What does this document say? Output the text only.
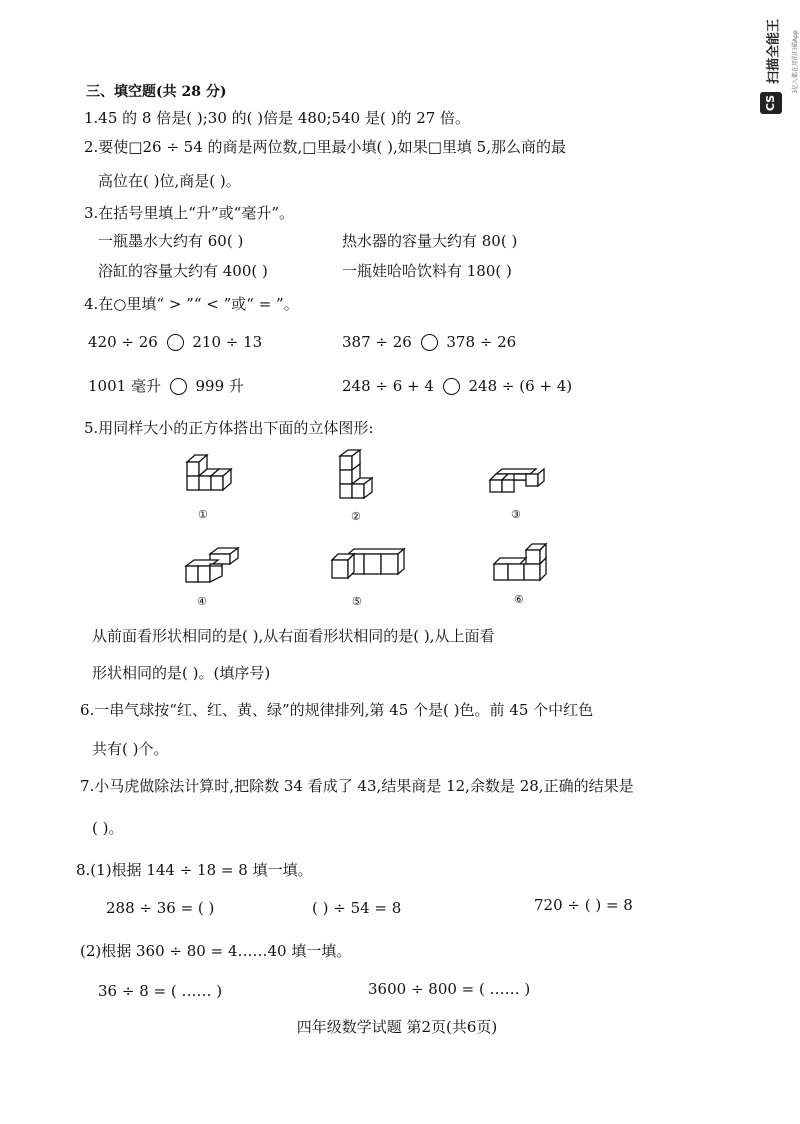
扫描全能王
CS
3亿人都在用的扫描App
三、填空题(共 28 分)
1.45 的 8 倍是( );30 的( )倍是 480;540 是( )的 27 倍。
2.要使□26 ÷ 54 的商是两位数,□里最小填( ),如果□里填 5,那么商的最
高位在( )位,商是( )。
3.在括号里填上“升”或“毫升”。
一瓶墨水大约有 60( )	热水器的容量大约有 80( )
浴缸的容量大约有 400( )	一瓶娃哈哈饮料有 180( )
4.在○里填“ > ”“ < ”或“ = ”。
420 ÷ 26 210 ÷ 13	387 ÷ 26 378 ÷ 26
1001 毫升 999 升	248 ÷ 6 + 4 248 ÷ (6 + 4)
5.用同样大小的正方体搭出下面的立体图形:
①	②	③
④	⑤	⑥
从前面看形状相同的是( ),从右面看形状相同的是( ),从上面看
形状相同的是( )。(填序号)
6.一串气球按“红、红、黄、绿”的规律排列,第 45 个是( )色。前 45 个中红色
共有( )个。
7.小马虎做除法计算时,把除数 34 看成了 43,结果商是 12,余数是 28,正确的结果是
( )。
8.(1)根据 144 ÷ 18 = 8 填一填。
288 ÷ 36 = ( )	( ) ÷ 54 = 8	720 ÷ ( ) = 8
(2)根据 360 ÷ 80 = 4……40 填一填。
36 ÷ 8 = ( …… )	3600 ÷ 800 = ( …… )
四年级数学试题 第2页(共6页)
